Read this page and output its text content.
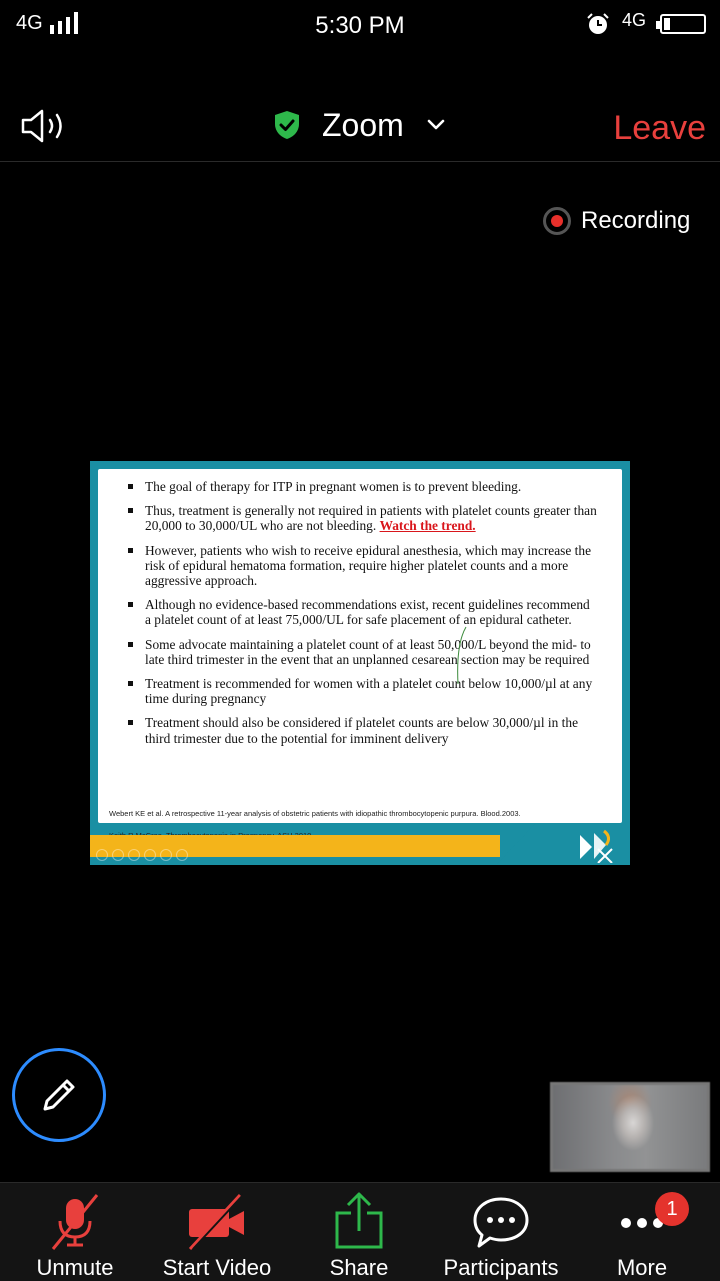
4G	5:30 PM	4G
Zoom	Leave
Recording
The goal of therapy for ITP in pregnant women is to prevent bleeding.
Thus, treatment is generally not required in patients with platelet counts greater than 20,000 to 30,000/UL who are not bleeding. Watch the trend.
However, patients who wish to receive epidural anesthesia, which may increase the risk of epidural hematoma formation, require higher platelet counts and a more aggressive approach.
Although no evidence-based recommendations exist, recent guidelines recommend a platelet count of at least 75,000/UL for safe placement of an epidural catheter.
Some advocate maintaining a platelet count of at least 50,000/L beyond the mid- to late third trimester in the event that an unplanned cesarean section may be required
Treatment is recommended for women with a platelet count below 10,000/µl at any time during pregnancy
Treatment should also be considered if platelet counts are below 30,000/µl in the third trimester due to the potential for imminent delivery
Webert KE et al. A retrospective 11-year analysis of obstetric patients with idiopathic thrombocytopenic purpura. Blood.2003.
Unmute	Start Video	Share	Participants	More
1
